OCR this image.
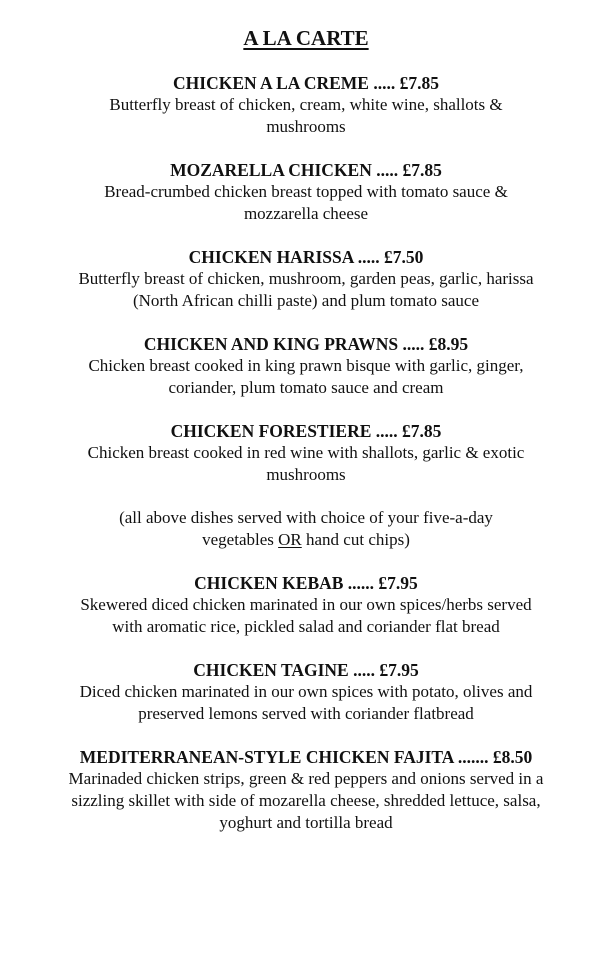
A LA CARTE
CHICKEN A LA CREME ..... £7.85
Butterfly breast of chicken, cream, white wine, shallots & mushrooms
MOZARELLA CHICKEN ..... £7.85
Bread-crumbed chicken breast topped with tomato sauce & mozzarella cheese
CHICKEN HARISSA ..... £7.50
Butterfly breast of chicken, mushroom, garden peas, garlic, harissa (North African chilli paste) and plum tomato sauce
CHICKEN AND KING PRAWNS ..... £8.95
Chicken breast cooked in king prawn bisque with garlic, ginger, coriander, plum tomato sauce and cream
CHICKEN FORESTIERE ..... £7.85
Chicken breast cooked in red wine with shallots, garlic & exotic mushrooms
(all above dishes served with choice of your five-a-day vegetables OR hand cut chips)
CHICKEN KEBAB ...... £7.95
Skewered diced chicken marinated in our own spices/herbs served with aromatic rice, pickled salad and coriander flat bread
CHICKEN TAGINE ..... £7.95
Diced chicken marinated in our own spices with potato, olives and preserved lemons served with coriander flatbread
MEDITERRANEAN-STYLE CHICKEN FAJITA ....... £8.50
Marinaded chicken strips, green & red peppers and onions served in a sizzling skillet with side of mozarella cheese, shredded lettuce, salsa, yoghurt and tortilla bread
